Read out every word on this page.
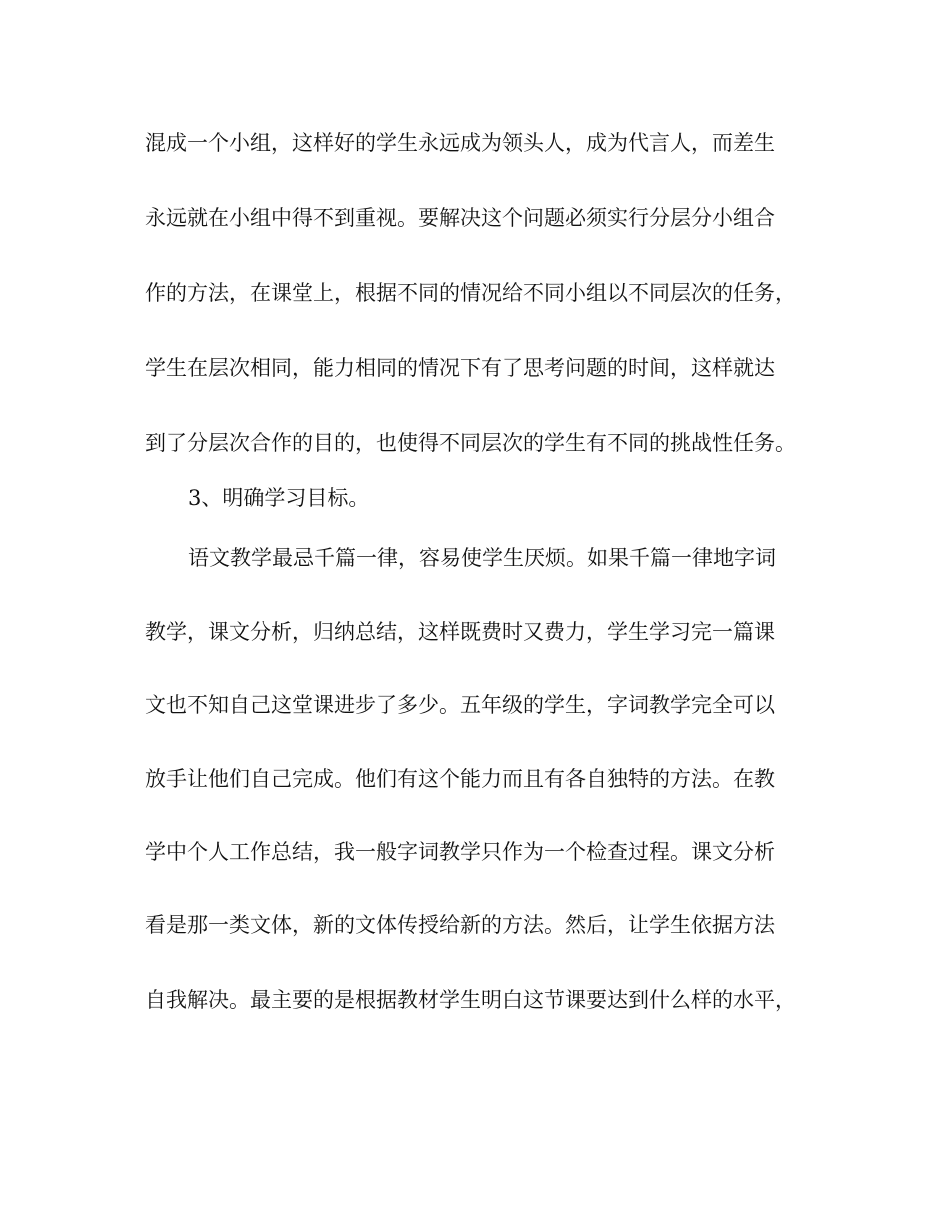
混成一个小组，这样好的学生永远成为领头人，成为代言人，而差生
永远就在小组中得不到重视。要解决这个问题必须实行分层分小组合
作的方法，在课堂上，根据不同的情况给不同小组以不同层次的任务，
学生在层次相同，能力相同的情况下有了思考问题的时间，这样就达
到了分层次合作的目的，也使得不同层次的学生有不同的挑战性任务。
3、明确学习目标。
语文教学最忌千篇一律，容易使学生厌烦。如果千篇一律地字词
教学，课文分析，归纳总结，这样既费时又费力，学生学习完一篇课
文也不知自己这堂课进步了多少。五年级的学生，字词教学完全可以
放手让他们自己完成。他们有这个能力而且有各自独特的方法。在教
学中个人工作总结，我一般字词教学只作为一个检查过程。课文分析
看是那一类文体，新的文体传授给新的方法。然后，让学生依据方法
自我解决。最主要的是根据教材学生明白这节课要达到什么样的水平，
